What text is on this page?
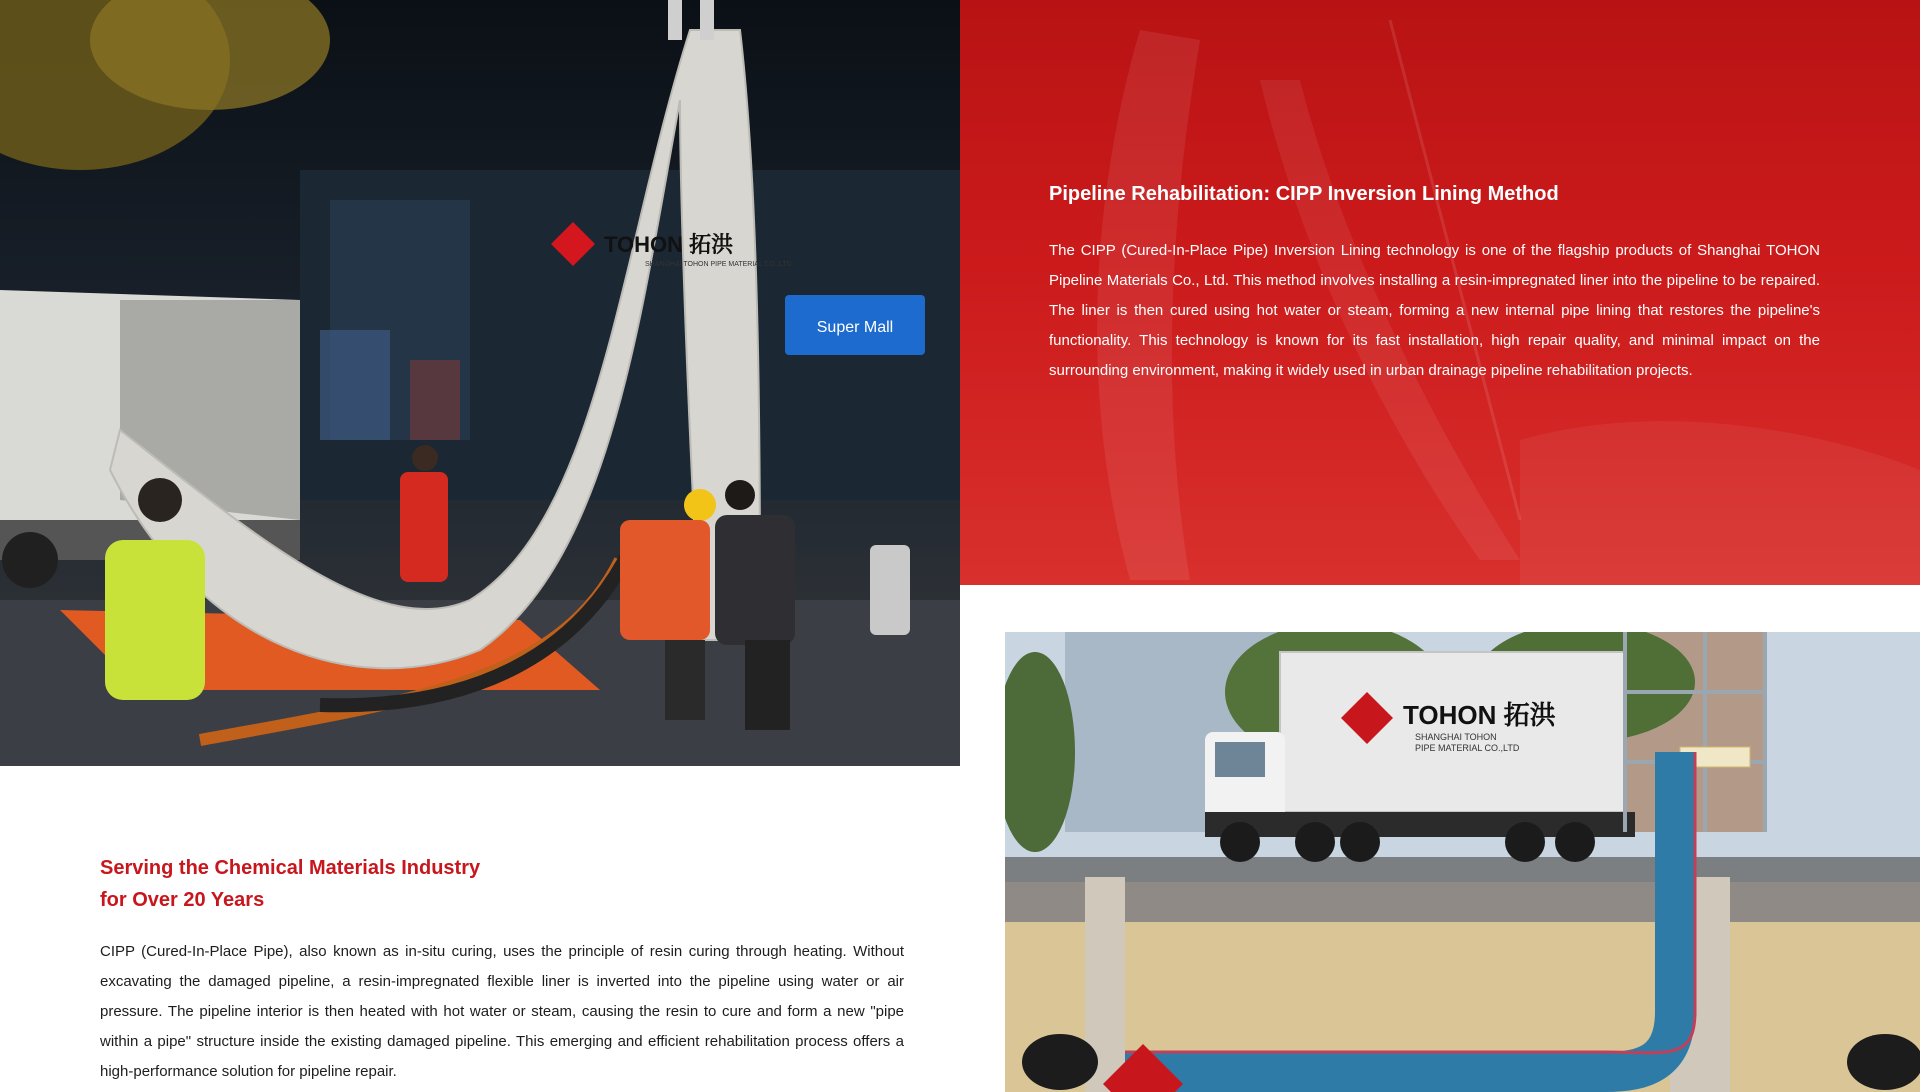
Super Mall
TOHON 拓洪
SHANGHAI TOHON PIPE MATERIAL CO.,LTD
Pipeline Rehabilitation: CIPP Inversion Lining Method

The CIPP (Cured-In-Place Pipe) Inversion Lining technology is one of the flagship products of Shanghai TOHON Pipeline Materials Co., Ltd. This method involves installing a resin-impregnated liner into the pipeline to be repaired. The liner is then cured using hot water or steam, forming a new internal pipe lining that restores the pipeline's functionality. This technology is known for its fast installation, high repair quality, and minimal impact on the surrounding environment, making it widely used in urban drainage pipeline rehabilitation projects.

Serving the Chemical Materials Industry
for Over 20 Years

CIPP (Cured-In-Place Pipe), also known as in-situ curing, uses the principle of resin curing through heating. Without excavating the damaged pipeline, a resin-impregnated flexible liner is inverted into the pipeline using water or air pressure. The pipeline interior is then heated with hot water or steam, causing the resin to cure and form a new "pipe within a pipe" structure inside the existing damaged pipeline. This emerging and efficient rehabilitation process offers a high-performance solution for pipeline repair.

TOHON 拓洪
SHANGHAI TOHON
PIPE MATERIAL CO.,LTD
